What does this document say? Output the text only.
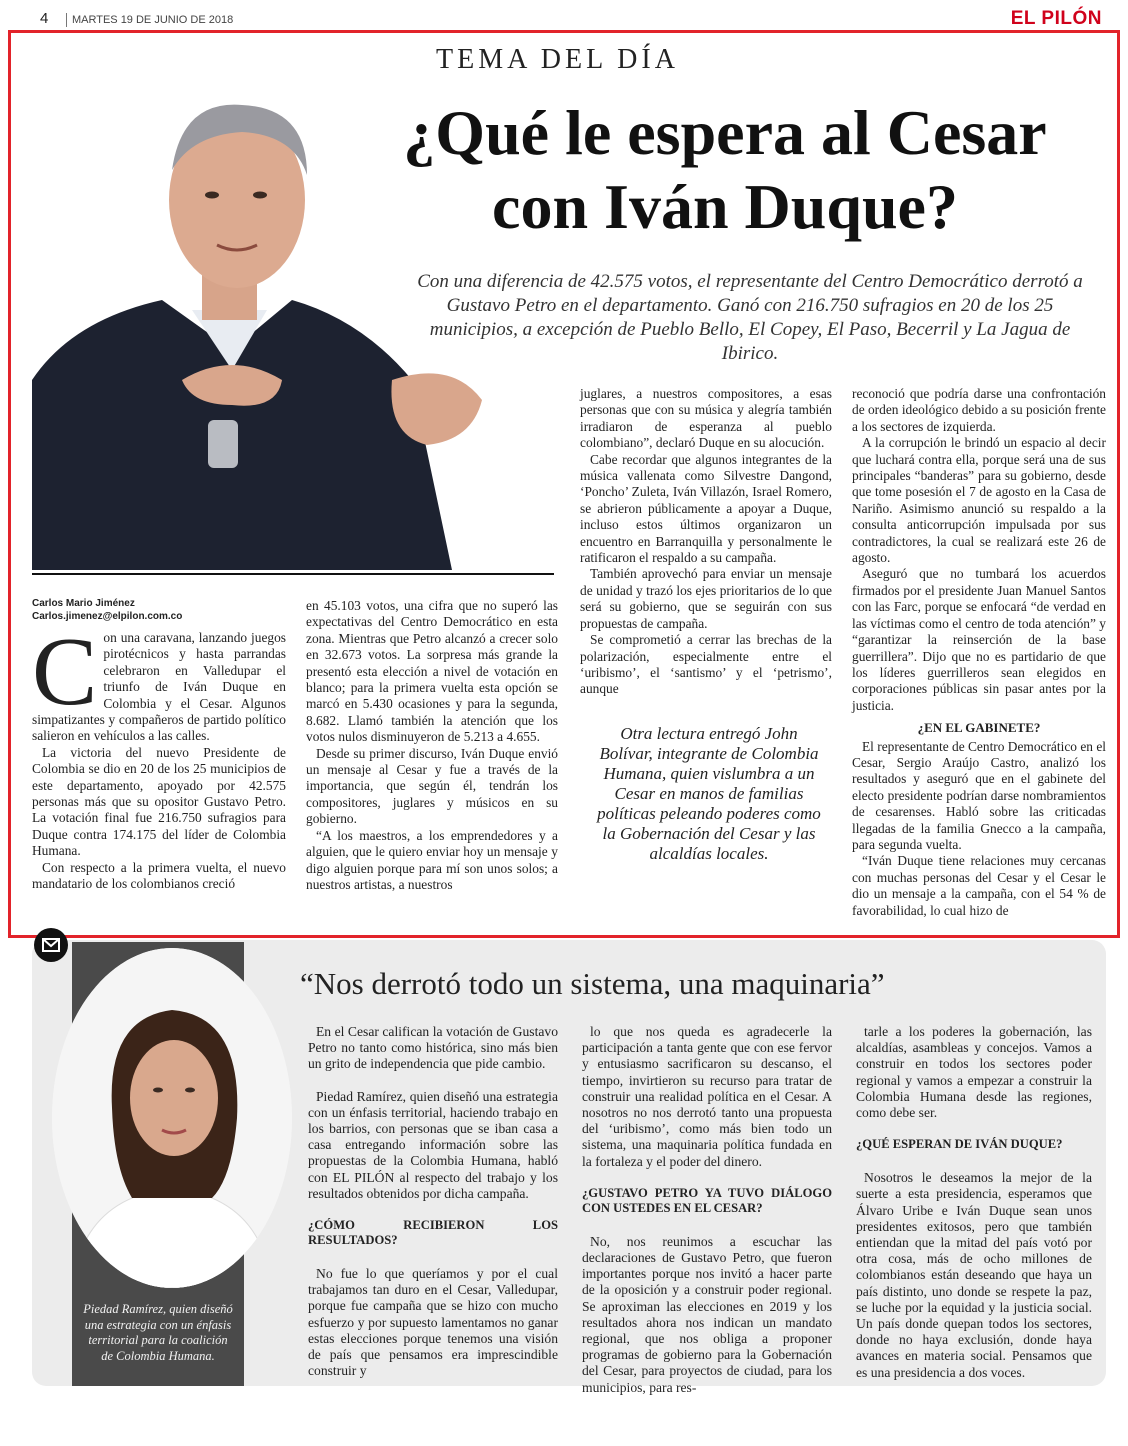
4	MARTES 19 DE JUNIO DE 2018	EL PILÓN
TEMA DEL DÍA
¿Qué le espera al Cesar
con Iván Duque?

Con una diferencia de 42.575 votos, el representante del Centro Democrático derrotó a Gustavo Petro en el departamento. Ganó con 216.750 sufragios en 20 de los 25 municipios, a excepción de Pueblo Bello, El Copey, El Paso, Becerril y La Jagua de Ibirico.

Carlos Mario Jiménez
Carlos.jimenez@elpilon.com.co

Con una caravana, lanzando juegos pirotécnicos y hasta parrandas celebraron en Valledupar el triunfo de Iván Duque en Colombia y el Cesar. Algunos simpatizantes y compañeros de partido político salieron en vehículos a las calles.

La victoria del nuevo Presidente de Colombia se dio en 20 de los 25 municipios de este departamento, apoyado por 42.575 personas más que su opositor Gustavo Petro. La votación final fue 216.750 sufragios para Duque contra 174.175 del líder de Colombia Humana.

Con respecto a la primera vuelta, el nuevo mandatario de los colombianos creció

en 45.103 votos, una cifra que no superó las expectativas del Centro Democrático en esta zona. Mientras que Petro alcanzó a crecer solo en 32.673 votos. La sorpresa más grande la presentó esta elección a nivel de votación en blanco; para la primera vuelta esta opción se marcó en 5.430 ocasiones y para la segunda, 8.682. Llamó también la atención que los votos nulos disminuyeron de 5.213 a 4.655.

Desde su primer discurso, Iván Duque envió un mensaje al Cesar y fue a través de la importancia, que según él, tendrán los compositores, juglares y músicos en su gobierno.

“A los maestros, a los emprendedores y a alguien, que le quiero enviar hoy un mensaje y digo alguien porque para mí son unos solos; a nuestros artistas, a nuestros

juglares, a nuestros compositores, a esas personas que con su música y alegría también irradiaron de esperanza al pueblo colombiano”, declaró Duque en su alocución.

Cabe recordar que algunos integrantes de la música vallenata como Silvestre Dangond, ‘Poncho’ Zuleta, Iván Villazón, Israel Romero, se abrieron públicamente a apoyar a Duque, incluso estos últimos organizaron un encuentro en Barranquilla y personalmente le ratificaron el respaldo a su campaña.

También aprovechó para enviar un mensaje de unidad y trazó los ejes prioritarios de lo que será su gobierno, que se seguirán con sus propuestas de campaña.

Se comprometió a cerrar las brechas de la polarización, especialmente entre el ‘uribismo’, el ‘santismo’ y el ‘petrismo’, aunque

Otra lectura entregó John Bolívar, integrante de Colombia Humana, quien vislumbra a un Cesar en manos de familias políticas peleando poderes como la Gobernación del Cesar y las alcaldías locales.

reconoció que podría darse una confrontación de orden ideológico debido a su posición frente a los sectores de izquierda.

A la corrupción le brindó un espacio al decir que luchará contra ella, porque será una de sus principales “banderas” para su gobierno, desde que tome posesión el 7 de agosto en la Casa de Nariño. Asimismo anunció su respaldo a la consulta anticorrupción impulsada por sus contradictores, la cual se realizará este 26 de agosto.

Aseguró que no tumbará los acuerdos firmados por el presidente Juan Manuel Santos con las Farc, porque se enfocará “de verdad en las víctimas como el centro de toda atención” y “garantizar la reinserción de la base guerrillera”. Dijo que no es partidario de que los líderes guerrilleros sean elegidos en corporaciones públicas sin pasar antes por la justicia.

¿EN EL GABINETE?

El representante de Centro Democrático en el Cesar, Sergio Araújo Castro, analizó los resultados y aseguró que en el gabinete del electo presidente podrían darse nombramientos de cesarenses. Habló sobre las criticadas llegadas de la familia Gnecco a la campaña, para segunda vuelta.

“Iván Duque tiene relaciones muy cercanas con muchas personas del Cesar y el Cesar le dio un mensaje a la campaña, con el 54 % de favorabilidad, lo cual hizo de

Piedad Ramírez, quien diseñó una estrategia con un énfasis territorial para la coalición de Colombia Humana.
“Nos derrotó todo un sistema, una maquinaria”

En el Cesar califican la votación de Gustavo Petro no tanto como histórica, sino más bien un grito de independencia que pide cambio.

Piedad Ramírez, quien diseñó una estrategia con un énfasis territorial, haciendo trabajo en los barrios, con personas que se iban casa a casa entregando información sobre las propuestas de la Colombia Humana, habló con EL PILÓN al respecto del trabajo y los resultados obtenidos por dicha campaña.

¿CÓMO RECIBIERON LOS RESULTADOS?

No fue lo que queríamos y por el cual trabajamos tan duro en el Cesar, Valledupar, porque fue campaña que se hizo con mucho esfuerzo y por supuesto lamentamos no ganar estas elecciones porque tenemos una visión de país que pensamos era imprescindible construir y

lo que nos queda es agradecerle la participación a tanta gente que con ese fervor y entusiasmo sacrificaron su descanso, el tiempo, invirtieron su recurso para tratar de construir una realidad política en el Cesar. A nosotros no nos derrotó tanto una propuesta del ‘uribismo’, como más bien todo un sistema, una maquinaria política fundada en la fortaleza y el poder del dinero.

¿GUSTAVO PETRO YA TUVO DIÁLOGO CON USTEDES EN EL CESAR?

No, nos reunimos a escuchar las declaraciones de Gustavo Petro, que fueron importantes porque nos invitó a hacer parte de la oposición y a construir poder regional. Se aproximan las elecciones en 2019 y los resultados ahora nos indican un mandato regional, que nos obliga a proponer programas de gobierno para la Gobernación del Cesar, para proyectos de ciudad, para los municipios, para res-

tarle a los poderes la gobernación, las alcaldías, asambleas y concejos. Vamos a construir en todos los sectores poder regional y vamos a empezar a construir la Colombia Humana desde las regiones, como debe ser.

¿QUÉ ESPERAN DE IVÁN DUQUE?

Nosotros le deseamos la mejor de la suerte a esta presidencia, esperamos que Álvaro Uribe e Iván Duque sean unos presidentes exitosos, pero que también entiendan que la mitad del país votó por otra cosa, más de ocho millones de colombianos están deseando que haya un país distinto, uno donde se respete la paz, se luche por la equidad y la justicia social. Un país donde quepan todos los sectores, donde no haya exclusión, donde haya avances en materia social. Pensamos que es una presidencia a dos voces.
